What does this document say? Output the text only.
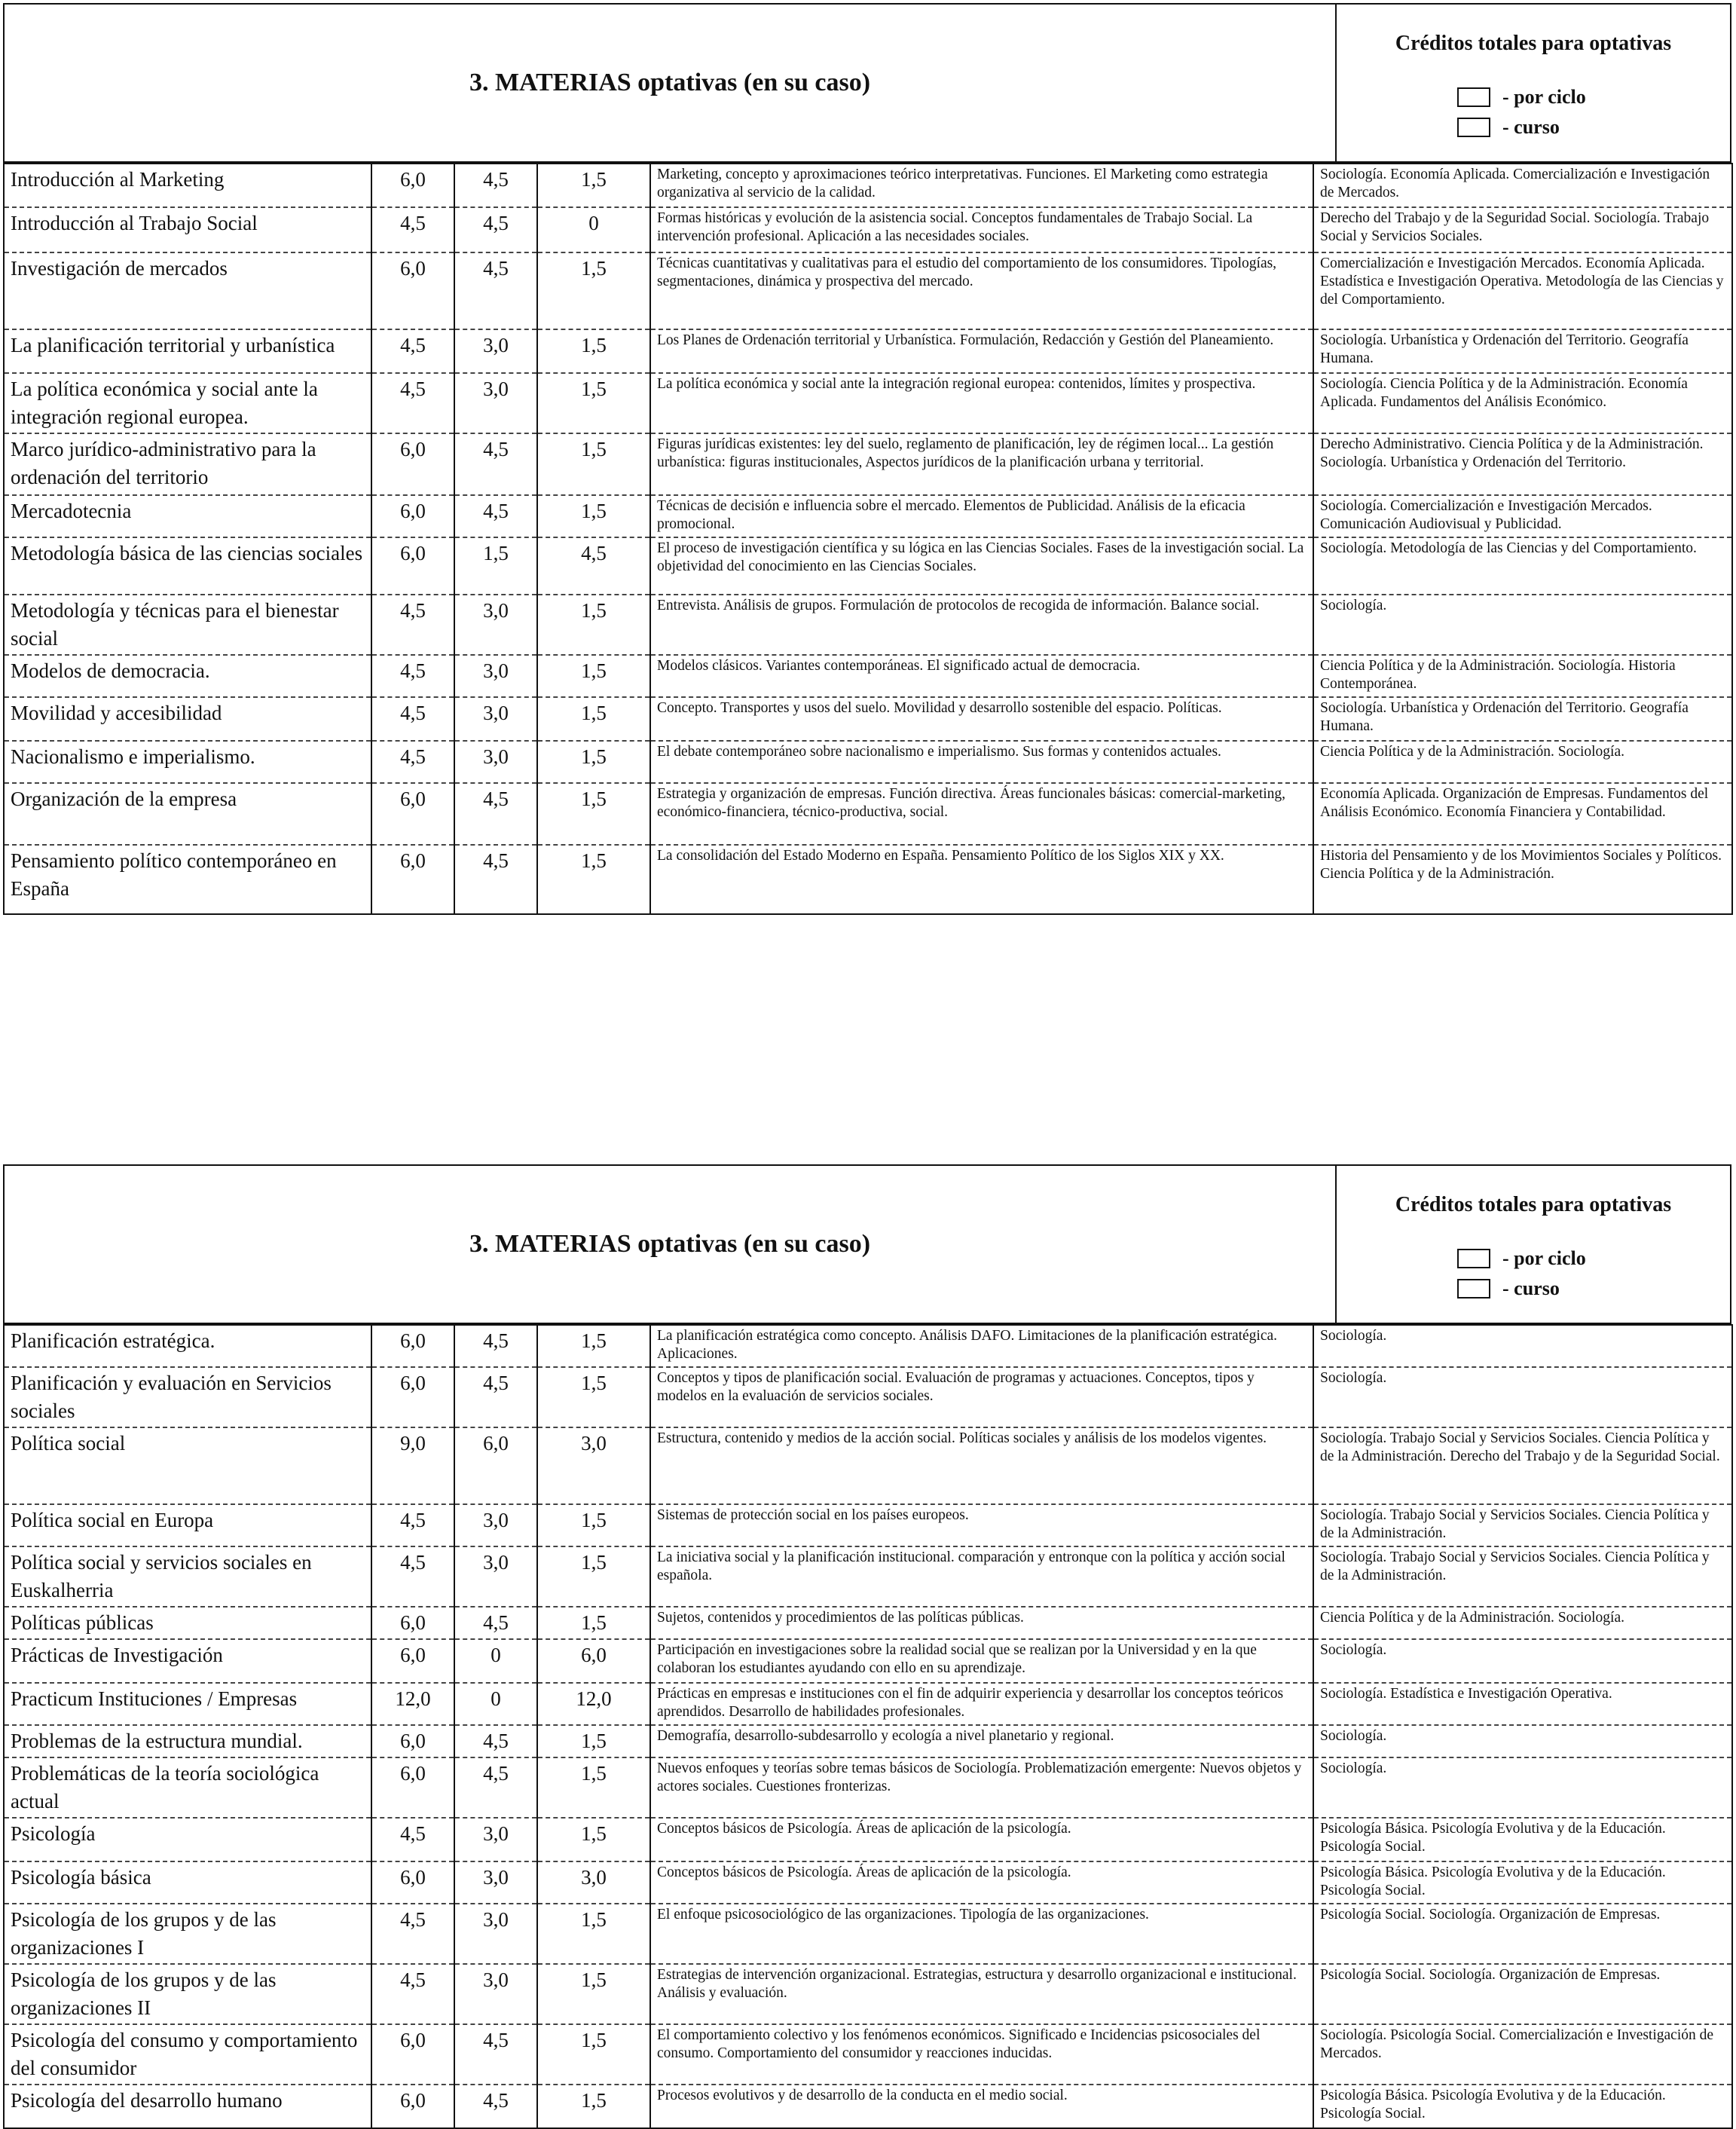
3. MATERIAS optativas (en su caso)
Créditos totales para optativas
- por ciclo
- curso
Introducción al Marketing	6,0	4,5	1,5	Marketing, concepto y aproximaciones teórico interpretativas. Funciones. El Marketing como estrategia organizativa al servicio de la calidad.	Sociología. Economía Aplicada. Comercialización e Investigación de Mercados.
Introducción al Trabajo Social	4,5	4,5	0	Formas históricas y evolución de la asistencia social. Conceptos fundamentales de Trabajo Social. La intervención profesional. Aplicación a las necesidades sociales.	Derecho del Trabajo y de la Seguridad Social. Sociología. Trabajo Social y Servicios Sociales.
Investigación de mercados	6,0	4,5	1,5	Técnicas cuantitativas y cualitativas para el estudio del comportamiento de los consumidores. Tipologías, segmentaciones, dinámica y prospectiva del mercado.	Comercialización e Investigación Mercados. Economía Aplicada. Estadística e Investigación Operativa. Metodología de las Ciencias y del Comportamiento.
La planificación territorial y urbanística	4,5	3,0	1,5	Los Planes de Ordenación territorial y Urbanística. Formulación, Redacción y Gestión del Planeamiento.	Sociología. Urbanística y Ordenación del Territorio. Geografía Humana.
La política económica y social ante la integración regional europea.	4,5	3,0	1,5	La política económica y social ante la integración regional europea: contenidos, límites y prospectiva.	Sociología. Ciencia Política y de la Administración. Economía Aplicada. Fundamentos del Análisis Económico.
Marco jurídico-administrativo para la ordenación del territorio	6,0	4,5	1,5	Figuras jurídicas existentes: ley del suelo, reglamento de planificación, ley de régimen local... La gestión urbanística: figuras institucionales, Aspectos jurídicos de la planificación urbana y territorial.	Derecho Administrativo. Ciencia Política y de la Administración. Sociología. Urbanística y Ordenación del Territorio.
Mercadotecnia	6,0	4,5	1,5	Técnicas de decisión e influencia sobre el mercado. Elementos de Publicidad. Análisis de la eficacia promocional.	Sociología. Comercialización e Investigación Mercados. Comunicación Audiovisual y Publicidad.
Metodología básica de las ciencias sociales	6,0	1,5	4,5	El proceso de investigación científica y su lógica en las Ciencias Sociales. Fases de la investigación social. La objetividad del conocimiento en las Ciencias Sociales.	Sociología. Metodología de las Ciencias y del Comportamiento.
Metodología y técnicas para el bienestar social	4,5	3,0	1,5	Entrevista. Análisis de grupos. Formulación de protocolos de recogida de información. Balance social.	Sociología.
Modelos de democracia.	4,5	3,0	1,5	Modelos clásicos. Variantes contemporáneas. El significado actual de democracia.	Ciencia Política y de la Administración. Sociología. Historia Contemporánea.
Movilidad y accesibilidad	4,5	3,0	1,5	Concepto. Transportes y usos del suelo. Movilidad y desarrollo sostenible del espacio. Políticas.	Sociología. Urbanística y Ordenación del Territorio. Geografía Humana.
Nacionalismo e imperialismo.	4,5	3,0	1,5	El debate contemporáneo sobre nacionalismo e imperialismo. Sus formas y contenidos actuales.	Ciencia Política y de la Administración. Sociología.
Organización de la empresa	6,0	4,5	1,5	Estrategia y organización de empresas. Función directiva. Áreas funcionales básicas: comercial-marketing, económico-financiera, técnico-productiva, social.	Economía Aplicada. Organización de Empresas. Fundamentos del Análisis Económico. Economía Financiera y Contabilidad.
Pensamiento político contemporáneo en España	6,0	4,5	1,5	La consolidación del Estado Moderno en España. Pensamiento Político de los Siglos XIX y XX.	Historia del Pensamiento y de los Movimientos Sociales y Políticos. Ciencia Política y de la Administración.
3. MATERIAS optativas (en su caso)
Créditos totales para optativas
- por ciclo
- curso
Planificación estratégica.	6,0	4,5	1,5	La planificación estratégica como concepto. Análisis DAFO. Limitaciones de la planificación estratégica. Aplicaciones.	Sociología.
Planificación y evaluación en Servicios sociales	6,0	4,5	1,5	Conceptos y tipos de planificación social. Evaluación de programas y actuaciones. Conceptos, tipos y modelos en la evaluación de servicios sociales.	Sociología.
Política social	9,0	6,0	3,0	Estructura, contenido y medios de la acción social. Políticas sociales y análisis de los modelos vigentes.	Sociología. Trabajo Social y Servicios Sociales. Ciencia Política y de la Administración. Derecho del Trabajo y de la Seguridad Social.
Política social en Europa	4,5	3,0	1,5	Sistemas de protección social en los países europeos.	Sociología. Trabajo Social y Servicios Sociales. Ciencia Política y de la Administración.
Política social y servicios sociales en Euskalherria	4,5	3,0	1,5	La iniciativa social y la planificación institucional. comparación y entronque con la política y acción social española.	Sociología. Trabajo Social y Servicios Sociales. Ciencia Política y de la Administración.
Políticas públicas	6,0	4,5	1,5	Sujetos, contenidos y procedimientos de las políticas públicas.	Ciencia Política y de la Administración. Sociología.
Prácticas de Investigación	6,0	0	6,0	Participación en investigaciones sobre la realidad social que se realizan por la Universidad y en la que colaboran los estudiantes ayudando con ello en su aprendizaje.	Sociología.
Practicum Instituciones / Empresas	12,0	0	12,0	Prácticas en empresas e instituciones con el fin de adquirir experiencia y desarrollar los conceptos teóricos aprendidos. Desarrollo de habilidades profesionales.	Sociología. Estadística e Investigación Operativa.
Problemas de la estructura mundial.	6,0	4,5	1,5	Demografía, desarrollo-subdesarrollo y ecología a nivel planetario y regional.	Sociología.
Problemáticas de la teoría sociológica actual	6,0	4,5	1,5	Nuevos enfoques y teorías sobre temas básicos de Sociología. Problematización emergente: Nuevos objetos y actores sociales. Cuestiones fronterizas.	Sociología.
Psicología	4,5	3,0	1,5	Conceptos básicos de Psicología. Áreas de aplicación de la psicología.	Psicología Básica. Psicología Evolutiva y de la Educación. Psicología Social.
Psicología básica	6,0	3,0	3,0	Conceptos básicos de Psicología. Áreas de aplicación de la psicología.	Psicología Básica. Psicología Evolutiva y de la Educación. Psicología Social.
Psicología de los grupos y de las organizaciones I	4,5	3,0	1,5	El enfoque psicosociológico de las organizaciones. Tipología de las organizaciones.	Psicología Social. Sociología. Organización de Empresas.
Psicología de los grupos y de las organizaciones II	4,5	3,0	1,5	Estrategias de intervención organizacional. Estrategias, estructura y desarrollo organizacional e institucional. Análisis y evaluación.	Psicología Social. Sociología. Organización de Empresas.
Psicología del consumo y comportamiento del consumidor	6,0	4,5	1,5	El comportamiento colectivo y los fenómenos económicos. Significado e Incidencias psicosociales del consumo. Comportamiento del consumidor y reacciones inducidas.	Sociología. Psicología Social. Comercialización e Investigación de Mercados.
Psicología del desarrollo humano	6,0	4,5	1,5	Procesos evolutivos y de desarrollo de la conducta en el medio social.	Psicología Básica. Psicología Evolutiva y de la Educación. Psicología Social.
